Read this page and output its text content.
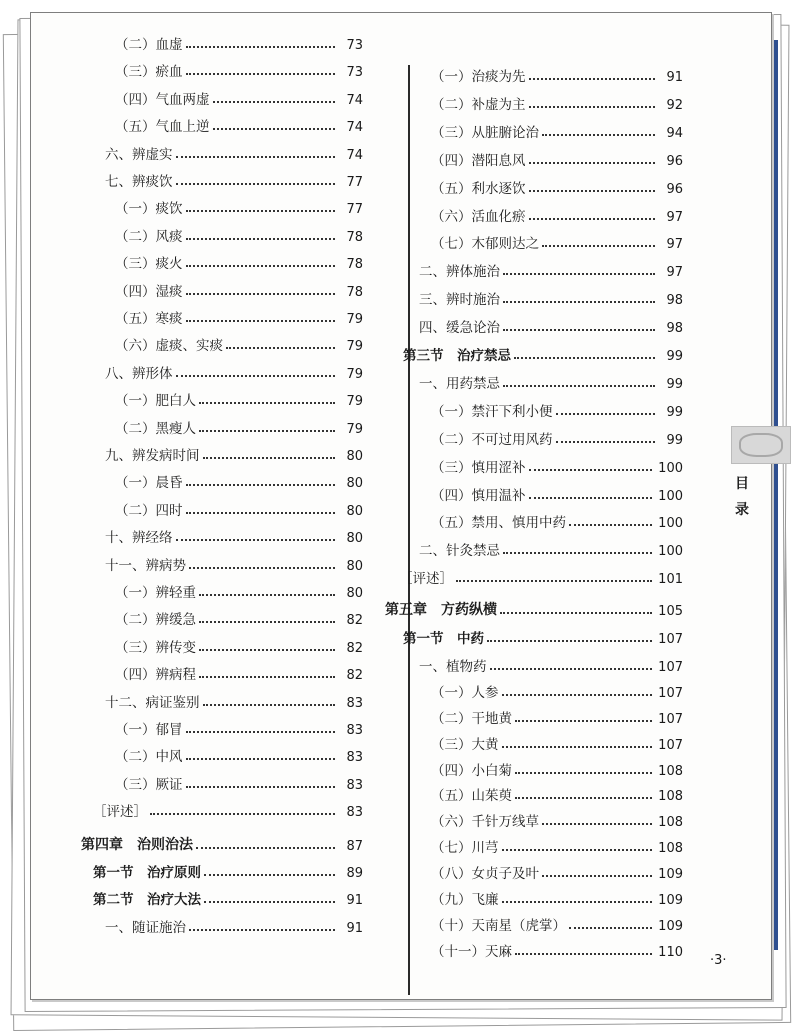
（二）血虚	73
（三）瘀血	73
（四）气血两虚	74
（五）气血上逆	74
六、辨虚实	74
七、辨痰饮	77
（一）痰饮	77
（二）风痰	78
（三）痰火	78
（四）湿痰	78
（五）寒痰	79
（六）虚痰、实痰	79
八、辨形体	79
（一）肥白人	79
（二）黑瘦人	79
九、辨发病时间	80
（一）晨昏	80
（二）四时	80
十、辨经络	80
十一、辨病势	80
（一）辨轻重	80
（二）辨缓急	82
（三）辨传变	82
（四）辨病程	82
十二、病证鉴别	83
（一）郁冒	83
（二）中风	83
（三）厥证	83
［评述］	83
第四章　治则治法	87
第一节　治疗原则	89
第二节　治疗大法	91
一、随证施治	91
（一）治痰为先	91
（二）补虚为主	92
（三）从脏腑论治	94
（四）潜阳息风	96
（五）利水逐饮	96
（六）活血化瘀	97
（七）木郁则达之	97
二、辨体施治	97
三、辨时施治	98
四、缓急论治	98
第三节　治疗禁忌	99
一、用药禁忌	99
（一）禁汗下利小便	99
（二）不可过用风药	99
（三）慎用涩补	100
（四）慎用温补	100
（五）禁用、慎用中药	100
二、针灸禁忌	100
［评述］	101
第五章　方药纵横	105
第一节　中药	107
一、植物药	107
（一）人参	107
（二）干地黄	107
（三）大黄	107
（四）小白菊	108
（五）山茱萸	108
（六）千针万线草	108
（七）川芎	108
（八）女贞子及叶	109
（九）飞廉	109
（十）天南星（虎掌）	109
（十一）天麻	110
目
录
·3·
